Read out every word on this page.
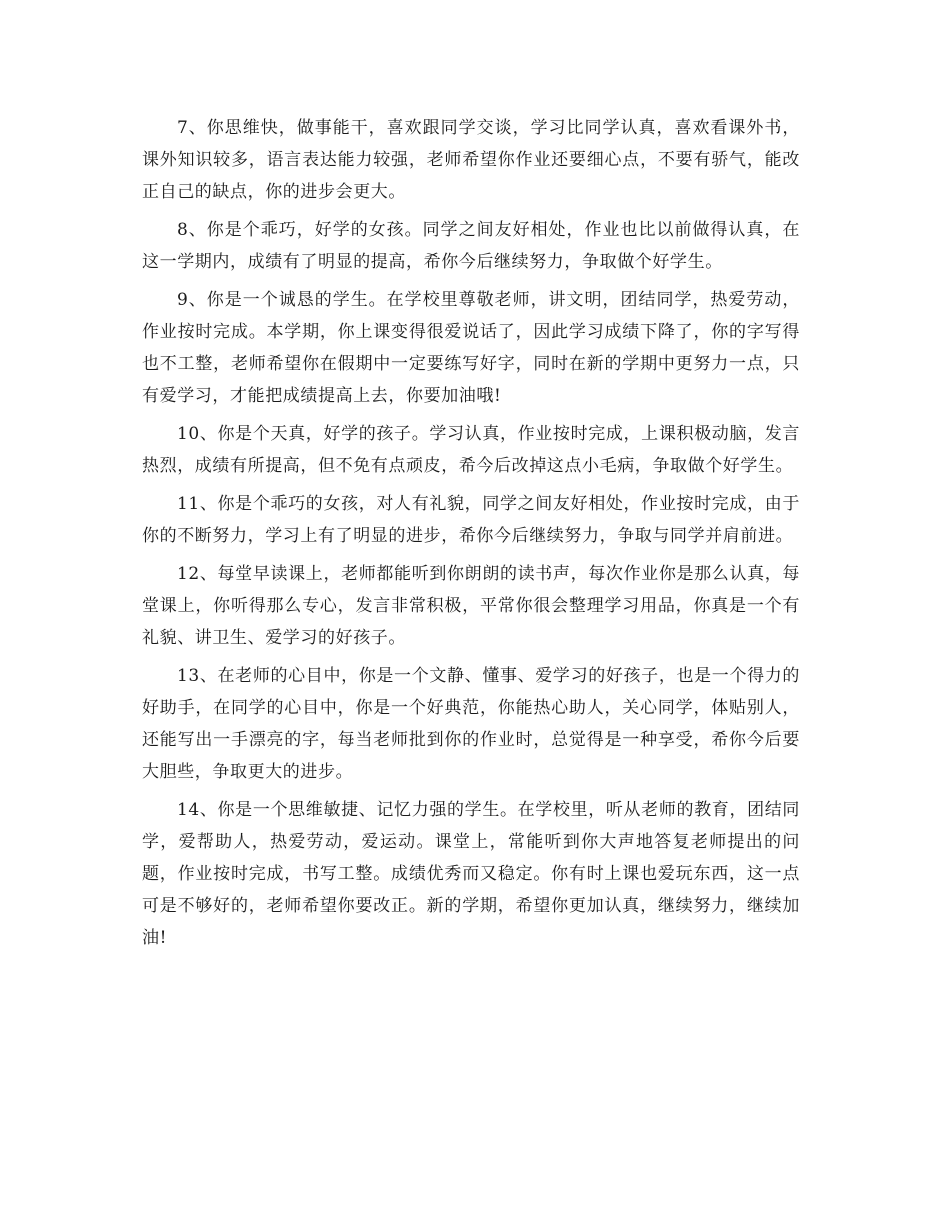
7、你思维快，做事能干，喜欢跟同学交谈，学习比同学认真，喜欢看课外书，课外知识较多，语言表达能力较强，老师希望你作业还要细心点，不要有骄气，能改正自己的缺点，你的进步会更大。

8、你是个乖巧，好学的女孩。同学之间友好相处，作业也比以前做得认真，在这一学期内，成绩有了明显的提高，希你今后继续努力，争取做个好学生。

9、你是一个诚恳的学生。在学校里尊敬老师，讲文明，团结同学，热爱劳动，作业按时完成。本学期，你上课变得很爱说话了，因此学习成绩下降了，你的字写得也不工整，老师希望你在假期中一定要练写好字，同时在新的学期中更努力一点，只有爱学习，才能把成绩提高上去，你要加油哦!

10、你是个天真，好学的孩子。学习认真，作业按时完成，上课积极动脑，发言热烈，成绩有所提高，但不免有点顽皮，希今后改掉这点小毛病，争取做个好学生。

11、你是个乖巧的女孩，对人有礼貌，同学之间友好相处，作业按时完成，由于你的不断努力，学习上有了明显的进步，希你今后继续努力，争取与同学并肩前进。

12、每堂早读课上，老师都能听到你朗朗的读书声，每次作业你是那么认真，每堂课上，你听得那么专心，发言非常积极，平常你很会整理学习用品，你真是一个有礼貌、讲卫生、爱学习的好孩子。

13、在老师的心目中，你是一个文静、懂事、爱学习的好孩子，也是一个得力的好助手，在同学的心目中，你是一个好典范，你能热心助人，关心同学，体贴别人，还能写出一手漂亮的字，每当老师批到你的作业时，总觉得是一种享受，希你今后要大胆些，争取更大的进步。

14、你是一个思维敏捷、记忆力强的学生。在学校里，听从老师的教育，团结同学，爱帮助人，热爱劳动，爱运动。课堂上，常能听到你大声地答复老师提出的问题，作业按时完成，书写工整。成绩优秀而又稳定。你有时上课也爱玩东西，这一点可是不够好的，老师希望你要改正。新的学期，希望你更加认真，继续努力，继续加油!
